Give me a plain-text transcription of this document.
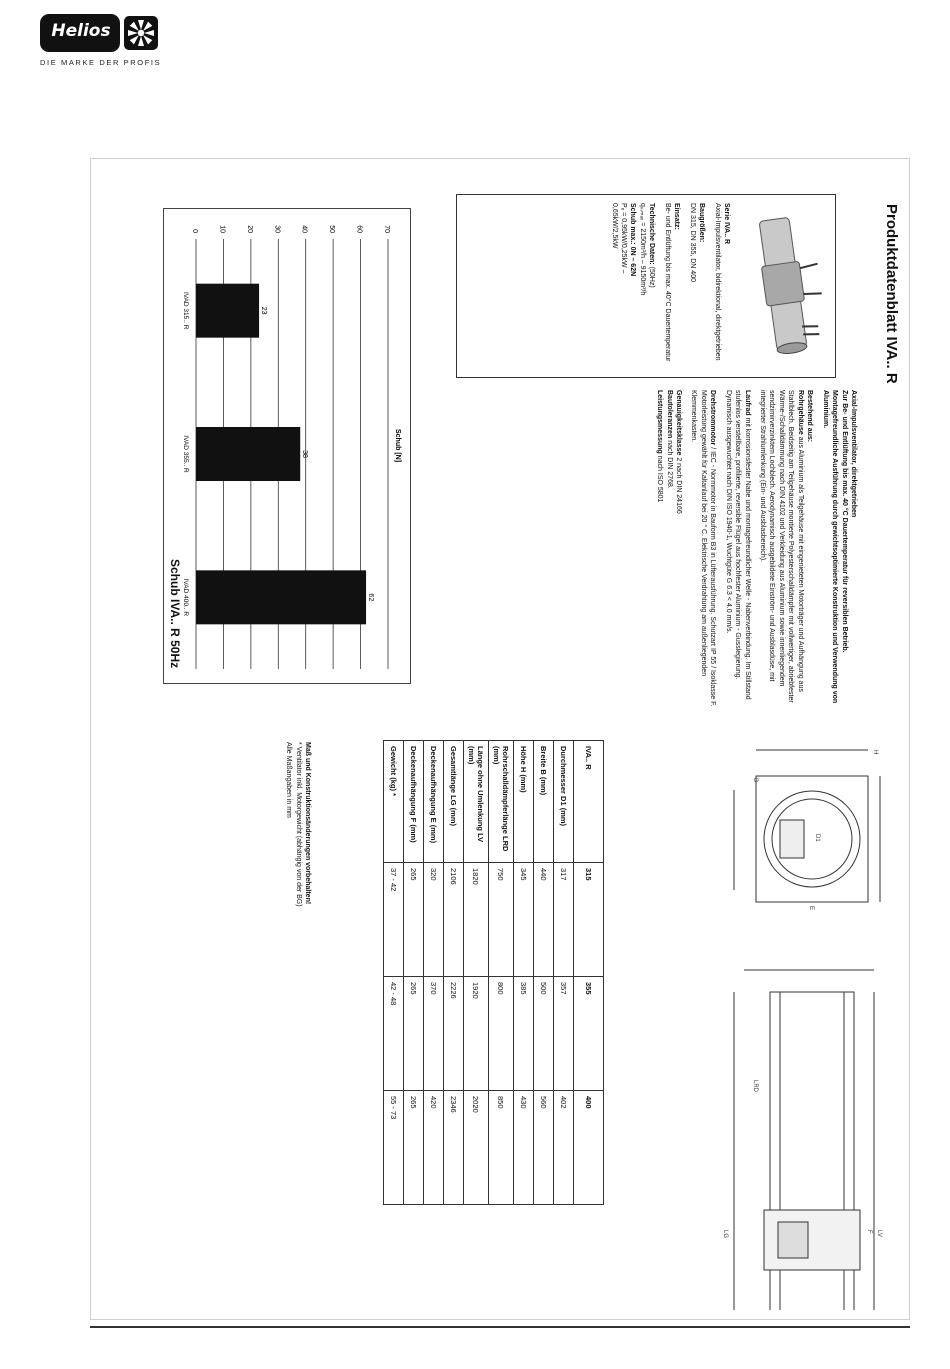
Helios
DIE MARKE DER PROFIS
Produktdatenblatt IVA.. R

Axial-Impulsventilator, direktgetrieben
Zur Be- und Entlüftung bis max. 40 °C Dauertemperatur für reversiblen Betrieb. Montagefreundliche Ausführung durch gewichtsoptimierte Konstruktion und Verwendung von Aluminium.

Bestehend aus:
Rohrgehäuse aus Aluminium als Teilgehäuse mit eingenieteten Motorträger und Aufhängung aus Stahlblech. Beidseitig am Teilgehäuse montierte Polyesterschalldämpfer mit vollwertiger, abriebfester Wärme-/Schalldämmung nach DIN 4102 und Verkleidung aus Aluminium sowie innenliegendem sendzimirverzinktem Lochblech. Aerodynamisch ausgebildete Einström- und Ausblasdüse, mit integrierter Strahlumlenkung (Ein- und Ausblasbereich).

Laufrad mit korrosionsfester Nabe und montagefreundlicher Welle - Nabenverbindung. Im Stillstand stufenlos verstellbare, profilierte, reversible Flügel aus hochfester Aluminium - Gusslegierung. Dynamisch ausgewuchtet nach DIN ISO 1940-1, Wuchtgüte G 6.3 < 4.0 mm/s.

Drehstrommotor / IEC - Normmotor in Bauform B3 in Lüfterausführung. Schutzart IP 55 / Isoklasse F. Motorleistung gewählt für Kaltanlauf bei 20 ° C. Elektrische Verdrahtung am außenliegenden Klemmenkasten.

Genauigkeitsklasse 2 nach DIN 24166
Bautoleranzen nach DIN 2768.
Leistungsmessung nach ISO 5801

Serie IVA.. R
Axial-Impulsventilator, bidirektional, direktgetrieben
Baugrößen:
DN 315, DN 355, DN 400
Einsatz:
Be- und Entlüftung bis max. 40°C Dauertemperatur
Technische Daten: (50Hz)
qᵥ,ₘₐₓ = 2150m³/h – 9150m³/h
Schub max.: 0N – 62N
Pₑ = 0,95kW/0,25kW –
0,65kW/2,5kW
Schub [N]
0	10	20	30	40	50	60	70
23
IVAD 315.. R
38
IVAD 355.. R
62
IVAD 400.. R
Schub IVA.. R 50Hz
H
E
B
D1
LRD
LV
LG	F
IVA.. R	315	355	400
Durchmesser D1 (mm)	317	357	402
Breite B (mm)	440	500	560
Höhe H (mm)	345	385	430
Rohrschalldämpferlänge LRD (mm)	750	800	850
Länge ohne Umlenkung LV (mm)	1820	1920	2020
Gesamtlänge LG (mm)	2106	2226	2346
Deckenaufhängung E (mm)	320	370	420
Deckenaufhängung F (mm)	265	265	265
Gewicht (kg) *	37 - 42	42 - 48	55 - 73
Maß und Konstruktionsänderungen vorbehalten!
* Ventilator inkl. Motorgewicht (abhängig von der BG)
Alle Maßangaben in mm
